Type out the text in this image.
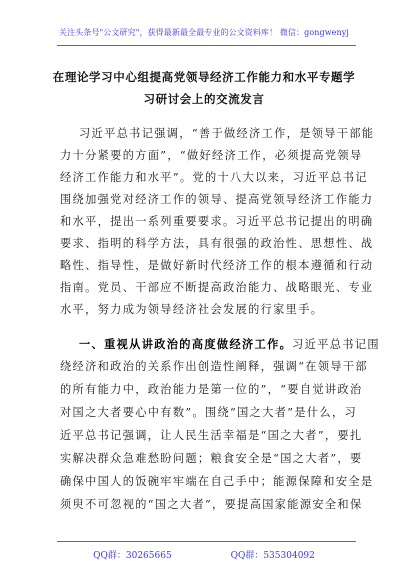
关注头条号"公文研究"，获得最新最全最专业的公文资料库！ 微信：gongwenyj
在理论学习中心组提高党领导经济工作能力和水平专题学
习研讨会上的交流发言
习近平总书记强调，“善于做经济工作，是领导干部能
力十分紧要的方面”，“做好经济工作，必须提高党领导
经济工作能力和水平”。党的十八大以来，习近平总书记
围绕加强党对经济工作的领导、提高党领导经济工作能力
和水平，提出一系列重要要求。习近平总书记提出的明确
要求、指明的科学方法，具有很强的政治性、思想性、战
略性、指导性，是做好新时代经济工作的根本遵循和行动
指南。党员、干部应不断提高政治能力、战略眼光、专业
水平，努力成为领导经济社会发展的行家里手。
一、重视从讲政治的高度做经济工作。习近平总书记围
绕经济和政治的关系作出创造性阐释，强调“在领导干部
的所有能力中，政治能力是第一位的”，“要自觉讲政治
对国之大者要心中有数”。围绕“国之大者”是什么，习
近平总书记强调，让人民生活幸福是“国之大者”，要扎
实解决群众急难愁盼问题；粮食安全是“国之大者”，要
确保中国人的饭碗牢牢端在自己手中；能源保障和安全是
须臾不可忽视的“国之大者”，要提高国家能源安全和保
QQ群：30265665	QQ群：535304092
